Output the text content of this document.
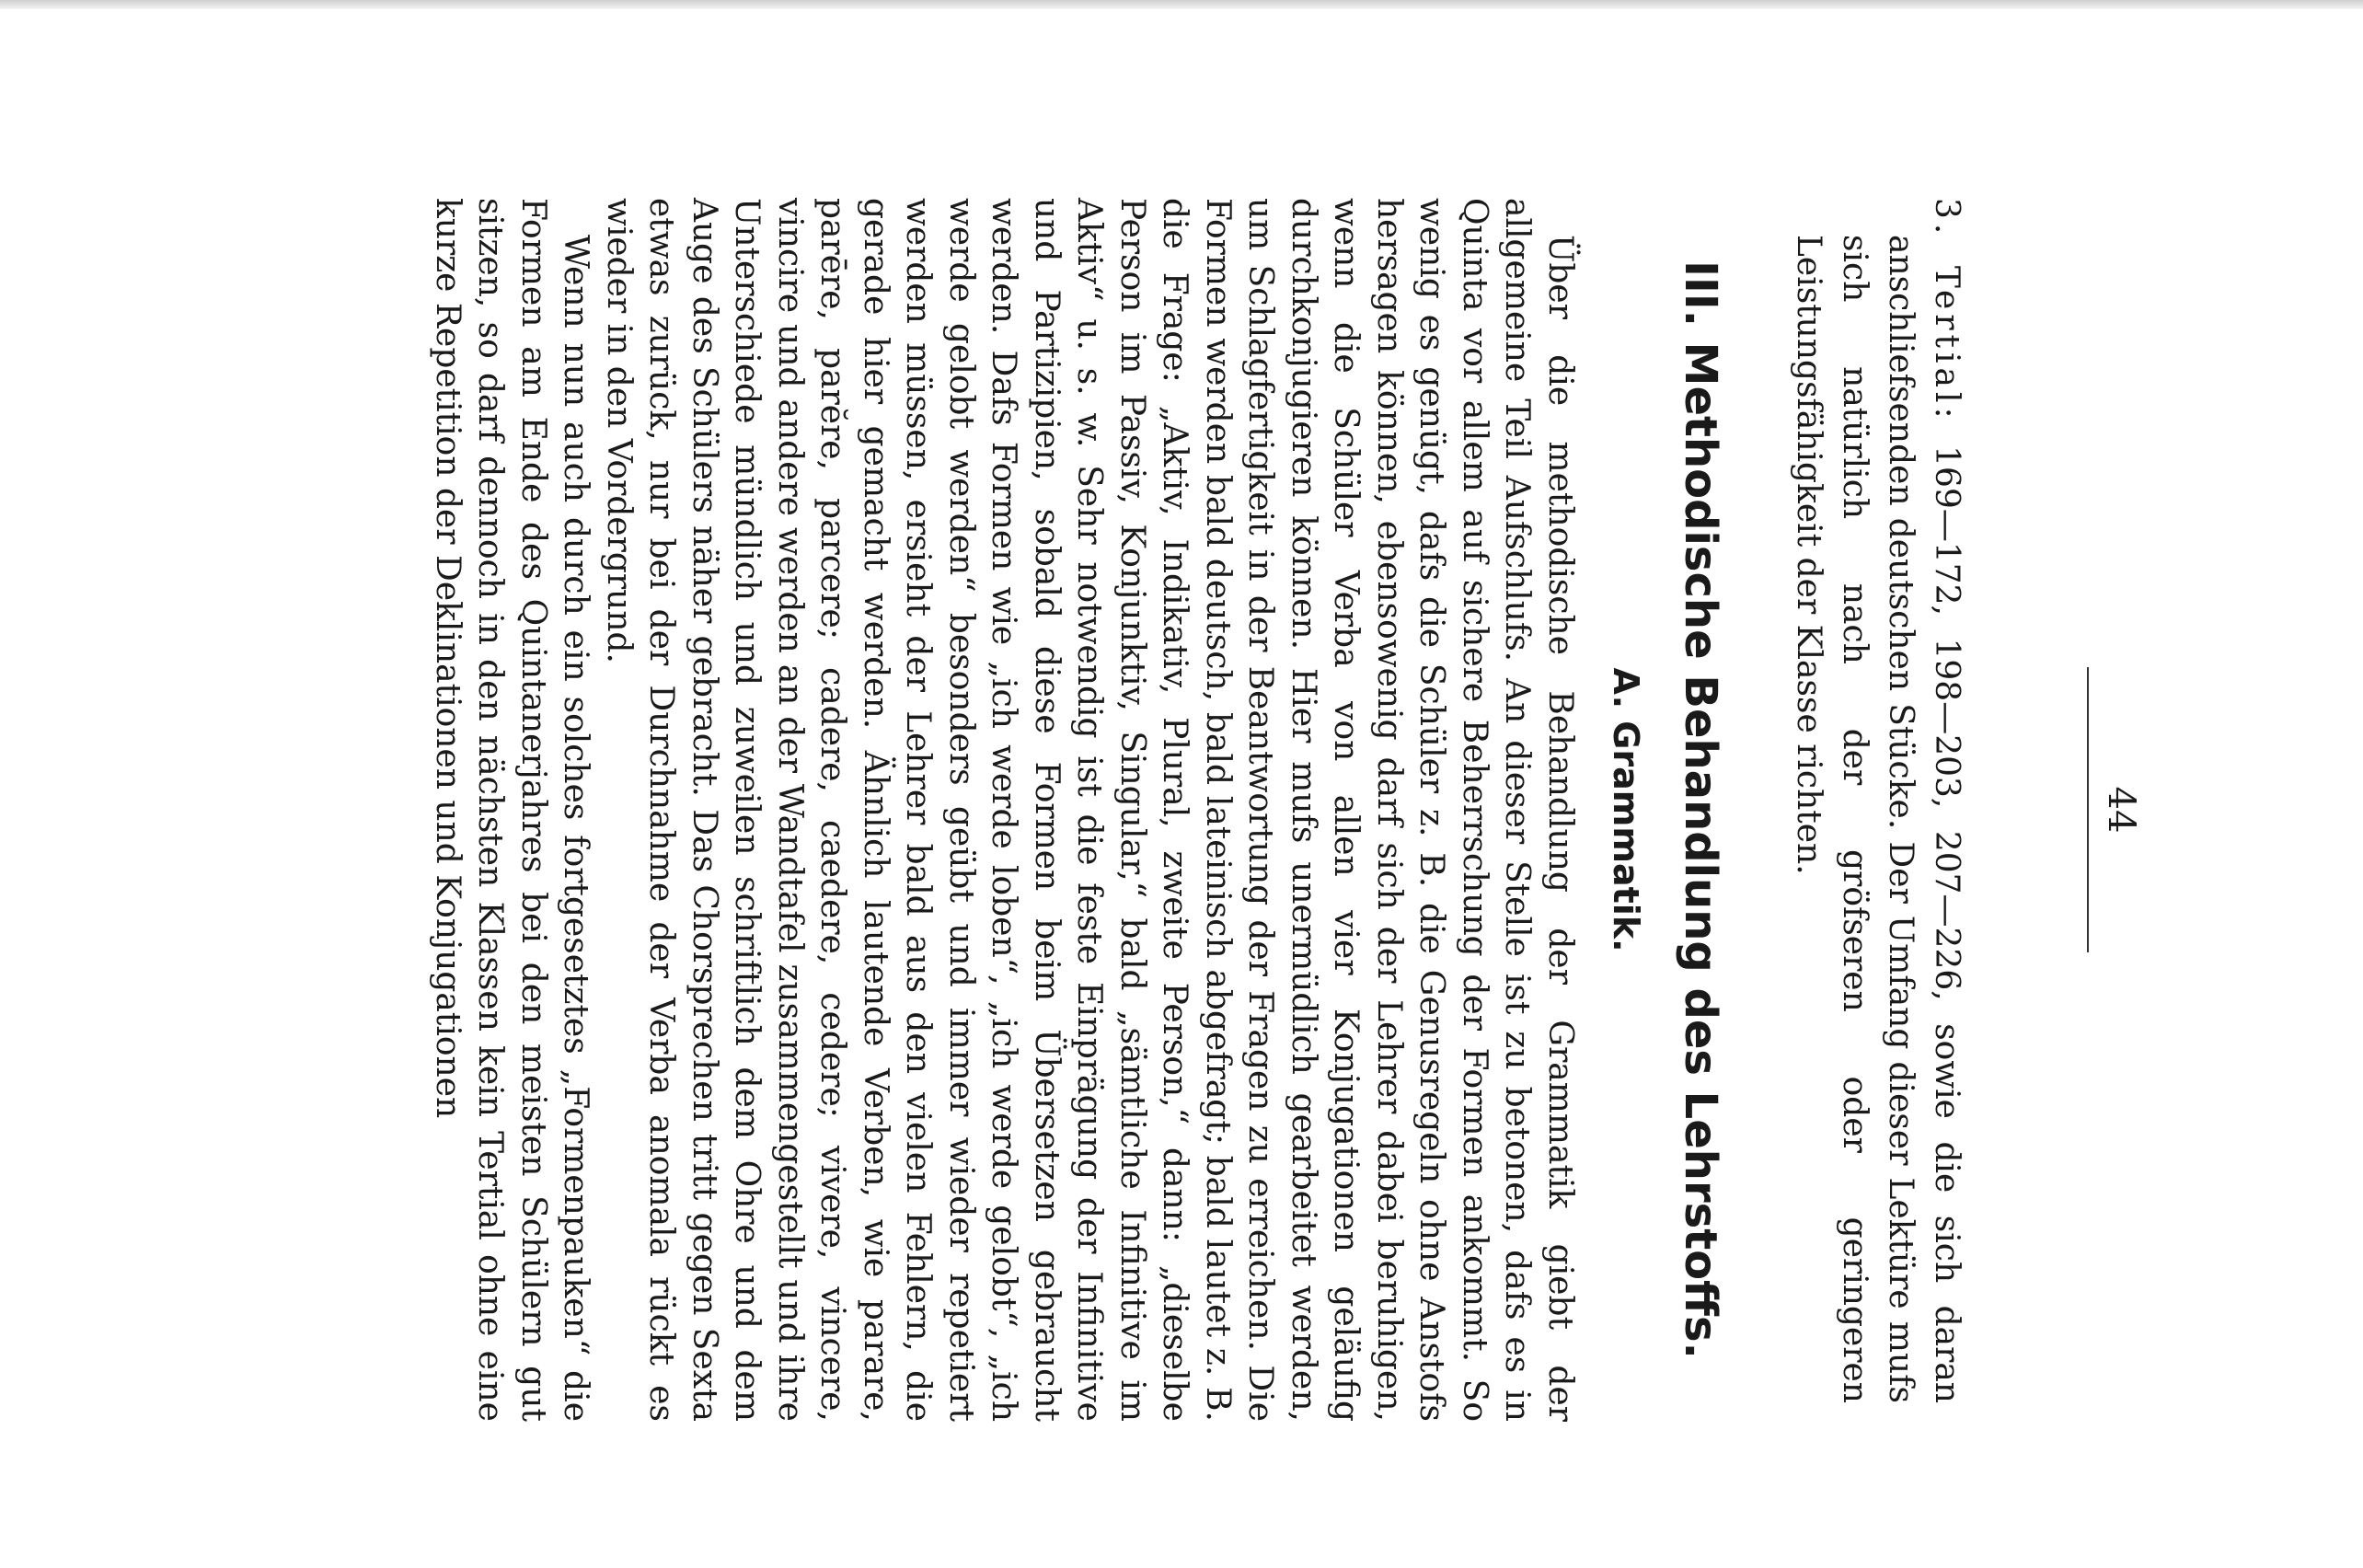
44

3. Tertial: 169—172, 198—203, 207—226, sowie die sich daran anschliefsenden deutschen Stücke. Der Umfang dieser Lektüre mufs sich natürlich nach der gröfseren oder geringeren Leistungsfähigkeit der Klasse richten.

III. Methodische Behandlung des Lehrstoffs.
A. Grammatik.

Über die methodische Behandlung der Grammatik giebt der allgemeine Teil Aufschlufs. An dieser Stelle ist zu betonen, dafs es in Quinta vor allem auf sichere Beherrschung der Formen ankommt. So wenig es genügt, dafs die Schüler z. B. die Genusregeln ohne Anstofs hersagen können, ebensowenig darf sich der Lehrer dabei beruhigen, wenn die Schüler Verba von allen vier Konjugationen geläufig durchkonjugieren können. Hier mufs unermüdlich gearbeitet werden, um Schlagfertigkeit in der Beantwortung der Fragen zu erreichen. Die Formen werden bald deutsch, bald lateinisch abgefragt; bald lautet z. B. die Frage: „Aktiv, Indikativ, Plural, zweite Person,“ dann: „dieselbe Person im Passiv, Konjunktiv, Singular,“ bald „sämtliche Infinitive im Aktiv“ u. s. w. Sehr notwendig ist die feste Einprägung der Infinitive und Partizipien, sobald diese Formen beim Übersetzen gebraucht werden. Dafs Formen wie „ich werde loben“, „ich werde gelobt“, „ich werde gelobt werden“ besonders geübt und immer wieder repetiert werden müssen, ersieht der Lehrer bald aus den vielen Fehlern, die gerade hier gemacht werden. Ähnlich lautende Verben, wie parare, parēre, parĕre, parcere; cadere, caedere, cedere; vivere, vincere, vincire und andere werden an der Wandtafel zusammengestellt und ihre Unterschiede mündlich und zuweilen schriftlich dem Ohre und dem Auge des Schülers näher gebracht. Das Chorsprechen tritt gegen Sexta etwas zurück, nur bei der Durchnahme der Verba anomala rückt es wieder in den Vordergrund.

Wenn nun auch durch ein solches fortgesetztes „Formenpauken“ die Formen am Ende des Quintanerjahres bei den meisten Schülern gut sitzen, so darf dennoch in den nächsten Klassen kein Tertial ohne eine kurze Repetition der Deklinationen und Konjugationen
